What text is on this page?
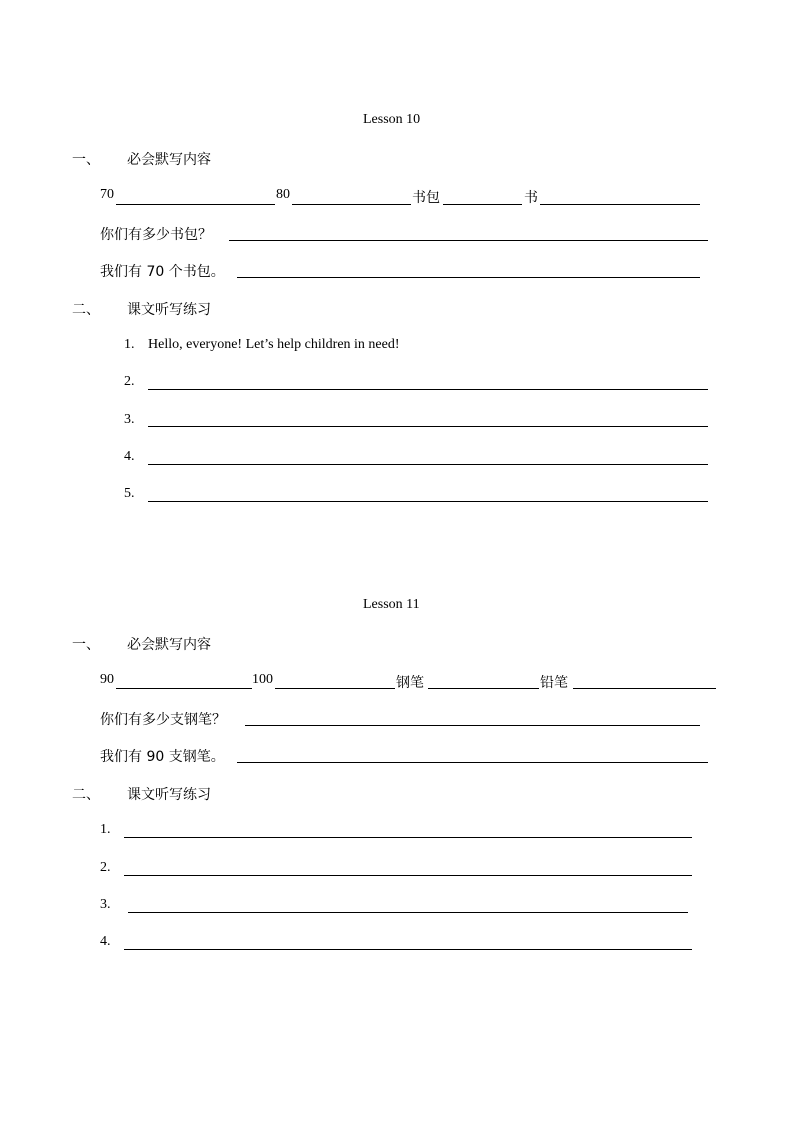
Lesson 10
一、 必会默写内容
70	80	书包	书
你们有多少书包？
我们有 70 个书包。
二、 课文听写练习
1. Hello, everyone! Let’s help children in need!
2.
3.
4.
5.
Lesson 11
一、 必会默写内容
90	100	钢笔	铅笔
你们有多少支钢笔？
我们有 90 支钢笔。
二、 课文听写练习
1.
2.
3.
4.
